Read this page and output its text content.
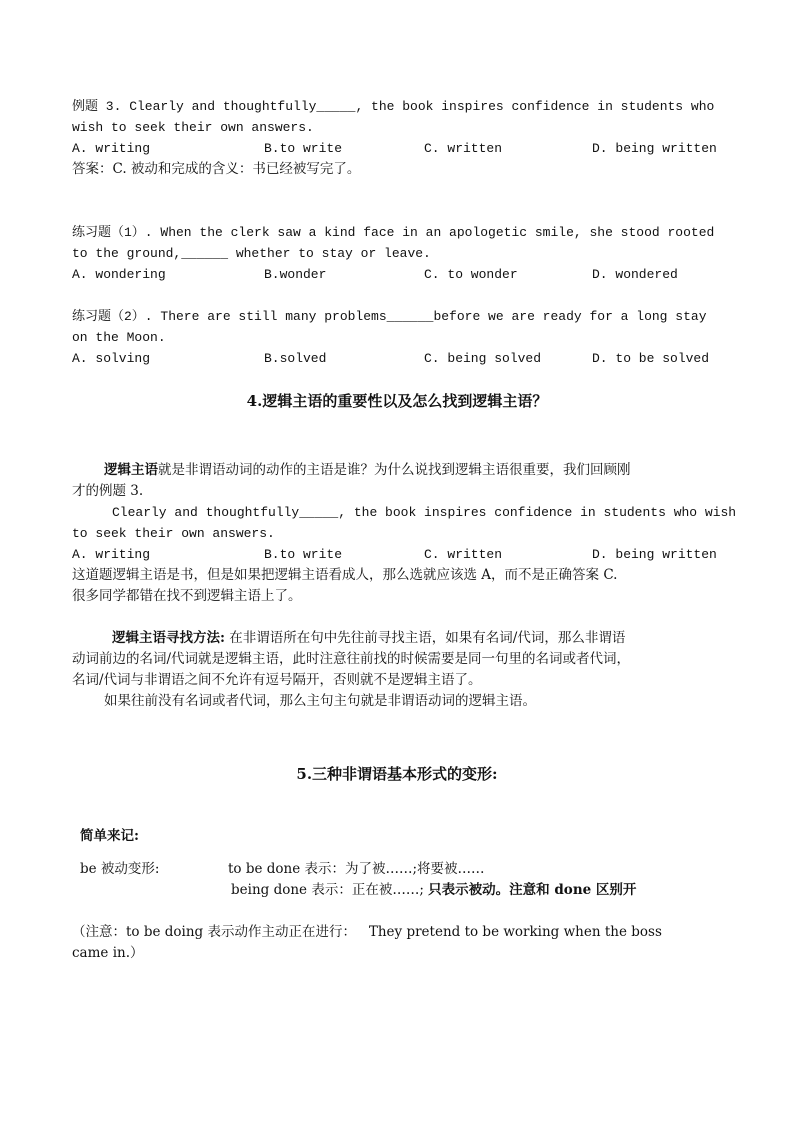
例题 3. Clearly and thoughtfully_____, the book inspires confidence in students who
wish to seek their own answers.
A. writing	B.to write	C. written	D. being written
答案：C. 被动和完成的含义：书已经被写完了。
练习题（1）. When the clerk saw a kind face in an apologetic smile, she stood rooted
to the ground,______ whether to stay or leave.
A. wondering	B.wonder	C. to wonder	D. wondered
练习题（2）. There are still many problems______before we are ready for a long stay
on the Moon.
A. solving	B.solved	C. being solved	D. to be solved
4.逻辑主语的重要性以及怎么找到逻辑主语？
逻辑主语就是非谓语动词的动作的主语是谁？为什么说找到逻辑主语很重要，我们回顾刚
才的例题 3.
Clearly and thoughtfully_____, the book inspires confidence in students who wish
to seek their own answers.
A. writing	B.to write	C. written	D. being written
这道题逻辑主语是书，但是如果把逻辑主语看成人，那么选就应该选 A，而不是正确答案 C.
很多同学都错在找不到逻辑主语上了。
逻辑主语寻找方法: 在非谓语所在句中先往前寻找主语，如果有名词/代词，那么非谓语
动词前边的名词/代词就是逻辑主语，此时注意往前找的时候需要是同一句里的名词或者代词，
名词/代词与非谓语之间不允许有逗号隔开，否则就不是逻辑主语了。
如果往前没有名词或者代词，那么主句主句就是非谓语动词的逻辑主语。
5.三种非谓语基本形式的变形:
简单来记:
be 被动变形:	to be done 表示：为了被……;将要被……
being done 表示：正在被……; 只表示被动。注意和 done 区别开
（注意：to be doing 表示动作主动正在进行：   They pretend to be working when the boss
came in.）
